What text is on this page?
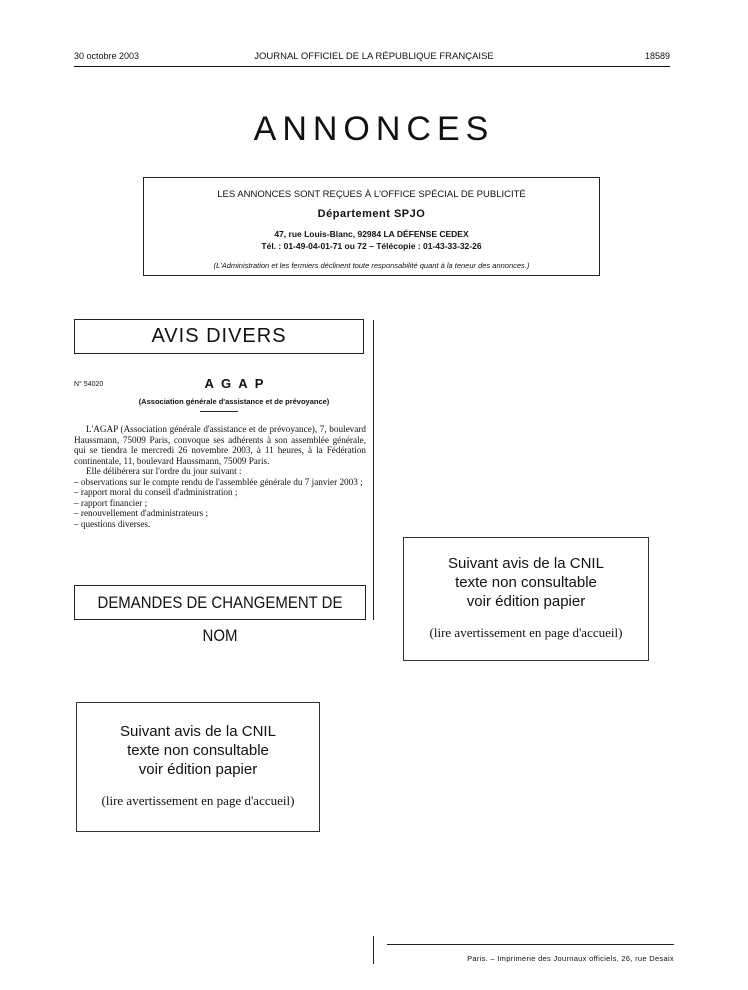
30 octobre 2003	JOURNAL OFFICIEL DE LA RÉPUBLIQUE FRANÇAISE	18589
ANNONCES
LES ANNONCES SONT REÇUES À L'OFFICE SPÉCIAL DE PUBLICITÉ
Département SPJO
47, rue Louis-Blanc, 92984 LA DÉFENSE CEDEX
Tél. : 01-49-04-01-71 ou 72 – Télécopie : 01-43-33-32-26
(L'Administration et les fermiers déclinent toute responsabilité quant à la teneur des annonces.)
AVIS DIVERS
N° 54020	A G A P
(Association générale d'assistance et de prévoyance)

L'AGAP (Association générale d'assistance et de prévoyance), 7, boulevard Haussmann, 75009 Paris, convoque ses adhérents à son assemblée générale, qui se tiendra le mercredi 26 novembre 2003, à 11 heures, à la Fédération continentale, 11, boulevard Haussmann, 75009 Paris.

Elle délibérera sur l'ordre du jour suivant :

– observations sur le compte rendu de l'assemblée générale du 7 janvier 2003 ;
– rapport moral du conseil d'administration ;
– rapport financier ;
– renouvellement d'administrateurs ;
– questions diverses.
DEMANDES DE CHANGEMENT DE NOM
Suivant avis de la CNIL
texte non consultable
voir édition papier
(lire avertissement en page d'accueil)
Suivant avis de la CNIL
texte non consultable
voir édition papier
(lire avertissement en page d'accueil)
Paris. – Imprimerie des Journaux officiels, 26, rue Desaix
